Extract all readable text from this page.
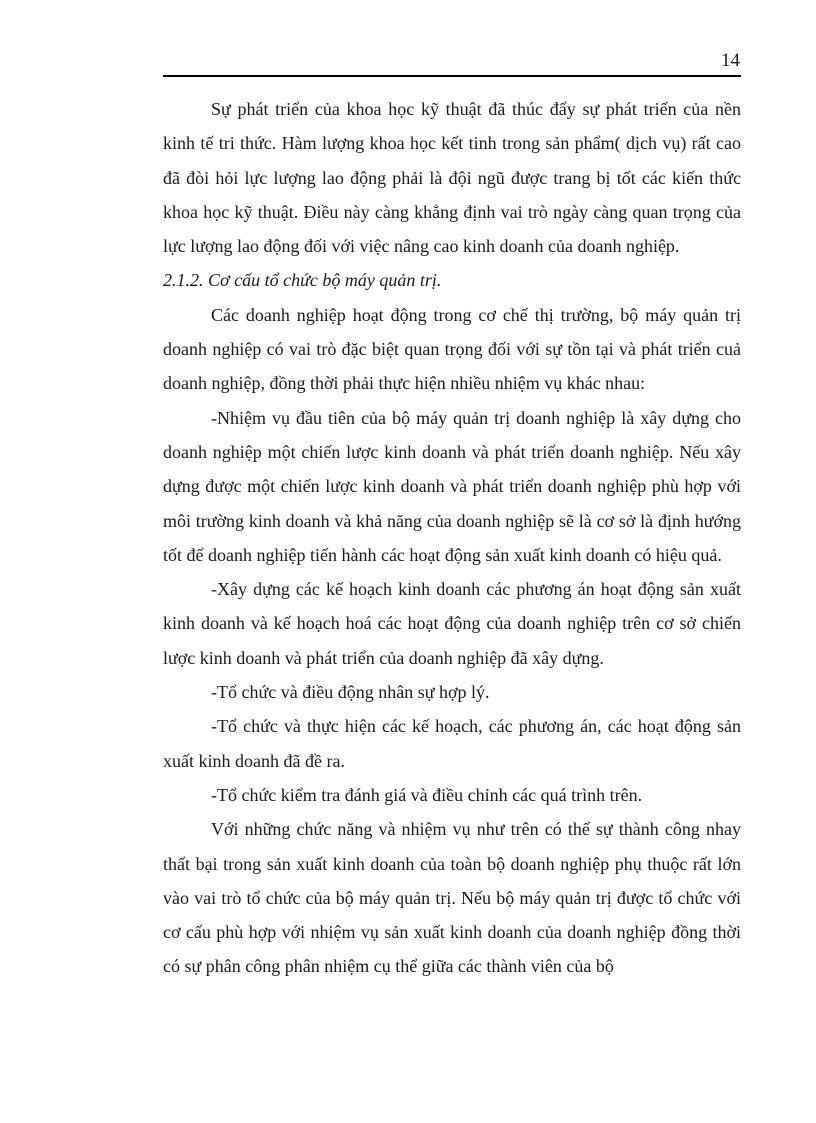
14

Sự phát triển của khoa học kỹ thuật đã thúc đẩy sự phát triển của nền kinh tế tri thức. Hàm lượng khoa học kết tinh trong sản phẩm( dịch vụ) rất cao đã đòi hỏi lực lượng lao động phải là đội ngũ được trang bị tốt các kiến thức khoa học kỹ thuật. Điều này càng khẳng định vai trò ngày càng quan trọng của lực lượng lao động đối với việc nâng cao kinh doanh của doanh nghiệp.

2.1.2. Cơ cấu tổ chức bộ máy quản trị.

Các doanh nghiệp hoạt động trong cơ chế thị trường, bộ máy quản trị doanh nghiệp có vai trò đặc biệt quan trọng đối với sự tồn tại và phát triển cuả doanh nghiệp, đồng thời phải thực hiện nhiều nhiệm vụ khác nhau:

-Nhiệm vụ đầu tiên của bộ máy quản trị doanh nghiệp là xây dựng cho doanh nghiệp một chiến lược kinh doanh và phát triển doanh nghiệp. Nếu xây dựng được một chiến lược kinh doanh và phát triển doanh nghiệp phù hợp với môi trường kinh doanh và khả năng của doanh nghiệp sẽ là cơ sở là định hướng tốt để doanh nghiệp tiến hành các hoạt động sản xuất kinh doanh có hiệu quả.

-Xây dựng các kế hoạch kinh doanh các phương án hoạt động sản xuất kinh doanh và kế hoạch hoá các hoạt động của doanh nghiệp trên cơ sở chiến lược kinh doanh và phát triển của doanh nghiệp đã xây dựng.

-Tổ chức và điều động nhân sự hợp lý.

-Tổ chức và thực hiện các kế hoạch, các phương án, các hoạt động sản xuất kinh doanh đã đề ra.

-Tổ chức kiểm tra đánh giá và điều chỉnh các quá trình trên.

Với những chức năng và nhiệm vụ như trên có thể sự thành công nhay thất bại trong sản xuất kinh doanh của toàn bộ doanh nghiệp phụ thuộc rất lớn vào vai trò tổ chức của bộ máy quản trị. Nếu bộ máy quản trị được tổ chức với cơ cấu phù hợp với nhiệm vụ sản xuất kinh doanh của doanh nghiệp đồng thời có sự phân công phân nhiệm cụ thể giữa các thành viên của bộ
